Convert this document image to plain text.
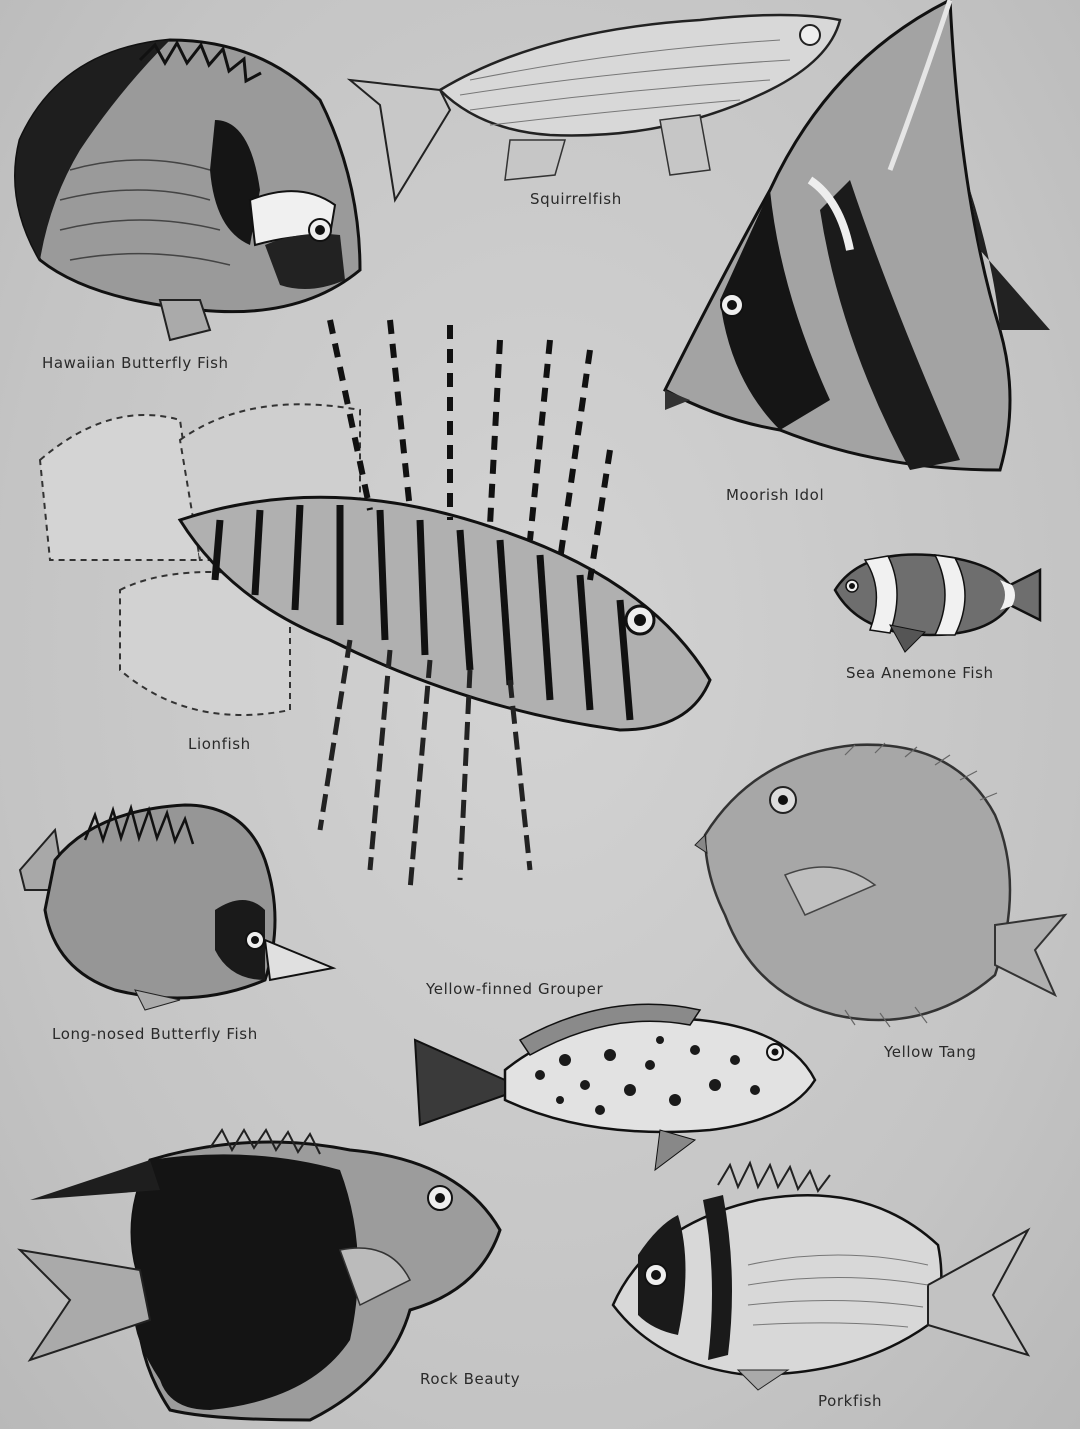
Hawaiian Butterfly Fish
Squirrelfish
Moorish Idol
Lionfish
Sea Anemone Fish
Long-nosed Butterfly Fish
Yellow Tang
Yellow-finned Grouper
Rock Beauty
Porkfish
